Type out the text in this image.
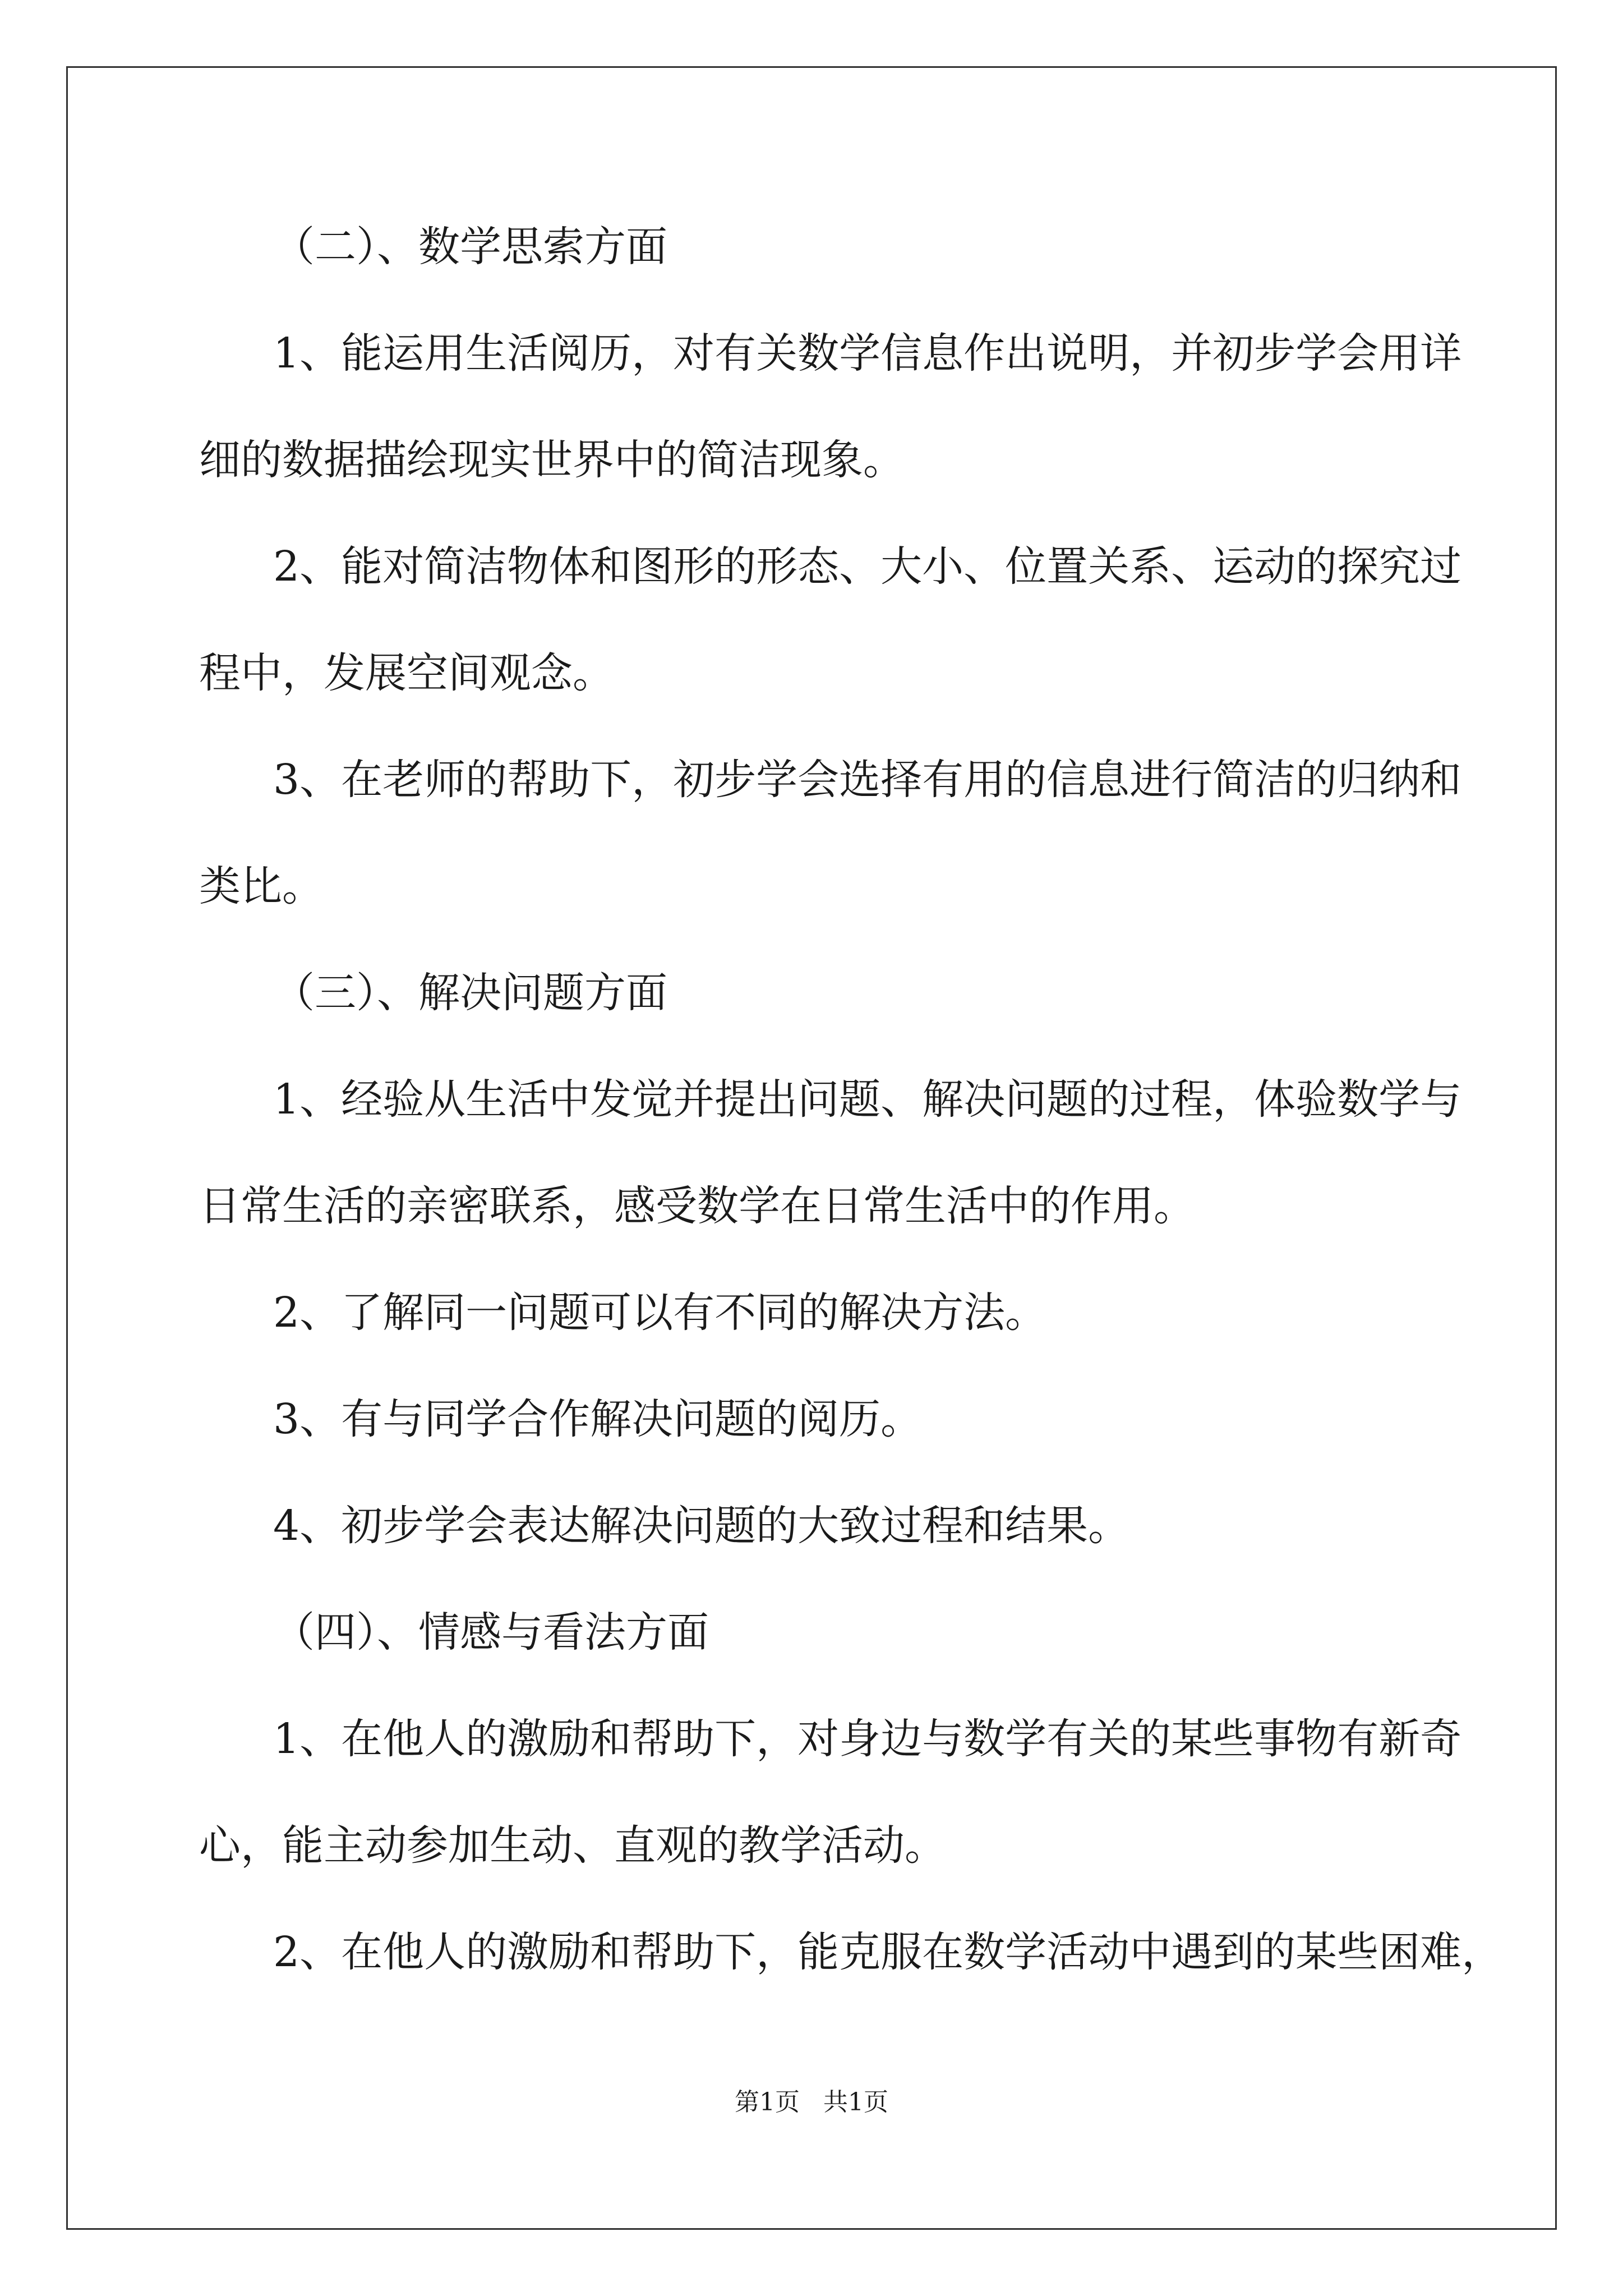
（二）、数学思索方面
1、能运用生活阅历，对有关数学信息作出说明，并初步学会用详
细的数据描绘现实世界中的简洁现象。
2、能对简洁物体和图形的形态、大小、位置关系、运动的探究过
程中，发展空间观念。
3、在老师的帮助下，初步学会选择有用的信息进行简洁的归纳和
类比。
（三）、解决问题方面
1、经验从生活中发觉并提出问题、解决问题的过程，体验数学与
日常生活的亲密联系，感受数学在日常生活中的作用。
2、了解同一问题可以有不同的解决方法。
3、有与同学合作解决问题的阅历。
4、初步学会表达解决问题的大致过程和结果。
（四）、情感与看法方面
1、在他人的激励和帮助下，对身边与数学有关的某些事物有新奇
心，能主动参加生动、直观的教学活动。
2、在他人的激励和帮助下，能克服在数学活动中遇到的某些困难，
第1页   共1页
